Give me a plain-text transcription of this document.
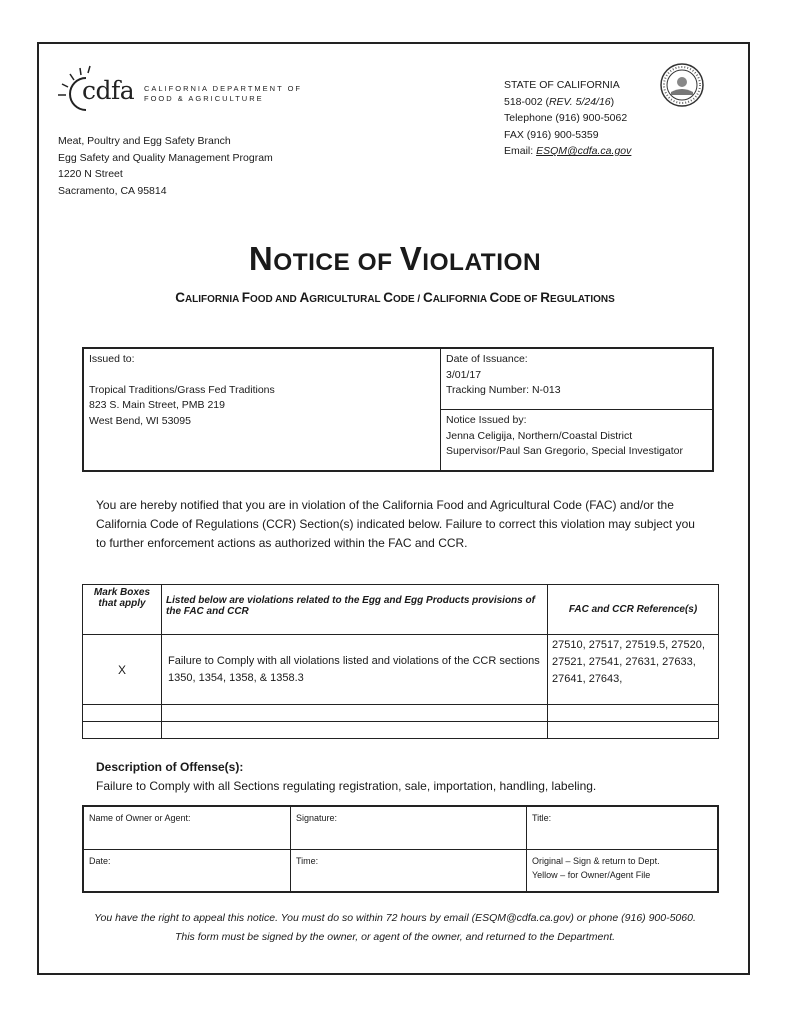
cdfa CALIFORNIA DEPARTMENT OF
FOOD & AGRICULTURE
Meat, Poultry and Egg Safety Branch
Egg Safety and Quality Management Program
1220 N Street
Sacramento, CA 95814
STATE OF CALIFORNIA
518-002 (REV. 5/24/16)
Telephone (916) 900-5062
FAX (916) 900-5359
Email: ESQM@cdfa.ca.gov
NOTICE OF VIOLATION
CALIFORNIA FOOD AND AGRICULTURAL CODE / CALIFORNIA CODE OF REGULATIONS
Issued to:
Tropical Traditions/Grass Fed Traditions
823 S. Main Street, PMB 219
West Bend, WI 53095

Date of Issuance:
3/01/17
Tracking Number: N-013

Notice Issued by:
Jenna Celigija, Northern/Coastal District Supervisor/Paul San Gregorio, Special Investigator
You are hereby notified that you are in violation of the California Food and Agricultural Code (FAC) and/or the California Code of Regulations (CCR) Section(s) indicated below. Failure to correct this violation may subject you to further enforcement actions as authorized within the FAC and CCR.
Mark Boxes that apply	Listed below are violations related to the Egg and Egg Products provisions of the FAC and CCR	FAC and CCR Reference(s)
X	Failure to Comply with all violations listed and violations of the CCR sections 1350, 1354, 1358, & 1358.3	27510, 27517, 27519.5, 27520, 27521, 27541, 27631, 27633, 27641, 27643,

Description of Offense(s):
Failure to Comply with all Sections regulating registration, sale, importation, handling, labeling.
Name of Owner or Agent:	Signature:	Title:
Date:	Time:	Original – Sign & return to Dept.
Yellow – for Owner/Agent File
You have the right to appeal this notice. You must do so within 72 hours by email (ESQM@cdfa.ca.gov) or phone (916) 900-5060.
This form must be signed by the owner, or agent of the owner, and returned to the Department.
